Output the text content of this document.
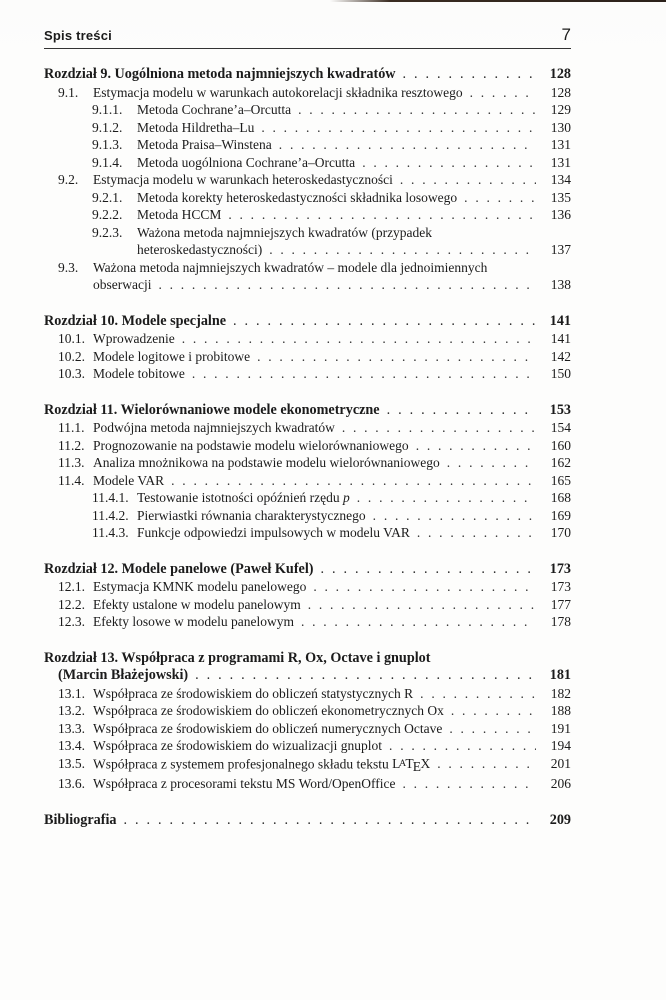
Spis treści	7
Rozdział 9. Uogólniona metoda najmniejszych kwadratów . . .	128
9.1.	Estymacja modelu w warunkach autokorelacji składnika resztowego . . .	128
9.1.1.	Metoda Cochrane’a–Orcutta . . .	129
9.1.2.	Metoda Hildretha–Lu . . .	130
9.1.3.	Metoda Praisa–Winstena . . .	131
9.1.4.	Metoda uogólniona Cochrane’a–Orcutta . . .	131
9.2.	Estymacja modelu w warunkach heteroskedastyczności . . .	134
9.2.1.	Metoda korekty heteroskedastyczności składnika losowego . . .	135
9.2.2.	Metoda HCCM . . .	136
9.2.3.	Ważona metoda najmniejszych kwadratów (przypadek
heteroskedastyczności) . . .	137
9.3.	Ważona metoda najmniejszych kwadratów – modele dla jednoimiennych
obserwacji . . .	138
Rozdział 10. Modele specjalne . . .	141
10.1. Wprowadzenie . . .	141
10.2. Modele logitowe i probitowe . . .	142
10.3. Modele tobitowe . . .	150
Rozdział 11. Wielorównaniowe modele ekonometryczne . . .	153
11.1. Podwójna metoda najmniejszych kwadratów . . .	154
11.2. Prognozowanie na podstawie modelu wielorównaniowego . . .	160
11.3. Analiza mnożnikowa na podstawie modelu wielorównaniowego . . .	162
11.4. Modele VAR . . .	165
11.4.1. Testowanie istotności opóźnień rzędu p . . .	168
11.4.2. Pierwiastki równania charakterystycznego . . .	169
11.4.3. Funkcje odpowiedzi impulsowych w modelu VAR . . .	170
Rozdział 12. Modele panelowe (Paweł Kufel) . . .	173
12.1. Estymacja KMNK modelu panelowego . . .	173
12.2. Efekty ustalone w modelu panelowym . . .	177
12.3. Efekty losowe w modelu panelowym . . .	178
Rozdział 13. Współpraca z programami R, Ox, Octave i gnuplot
(Marcin Błażejowski) . . .	181
13.1. Współpraca ze środowiskiem do obliczeń statystycznych R . . .	182
13.2. Współpraca ze środowiskiem do obliczeń ekonometrycznych Ox . . .	188
13.3. Współpraca ze środowiskiem do obliczeń numerycznych Octave . . .	191
13.4. Współpraca ze środowiskiem do wizualizacji gnuplot . . .	194
13.5. Współpraca z systemem profesjonalnego składu tekstu $L^ATEX$ . . .	201
13.6. Współpraca z procesorami tekstu MS Word/OpenOffice . . .	206
Bibliografia . . .	209
